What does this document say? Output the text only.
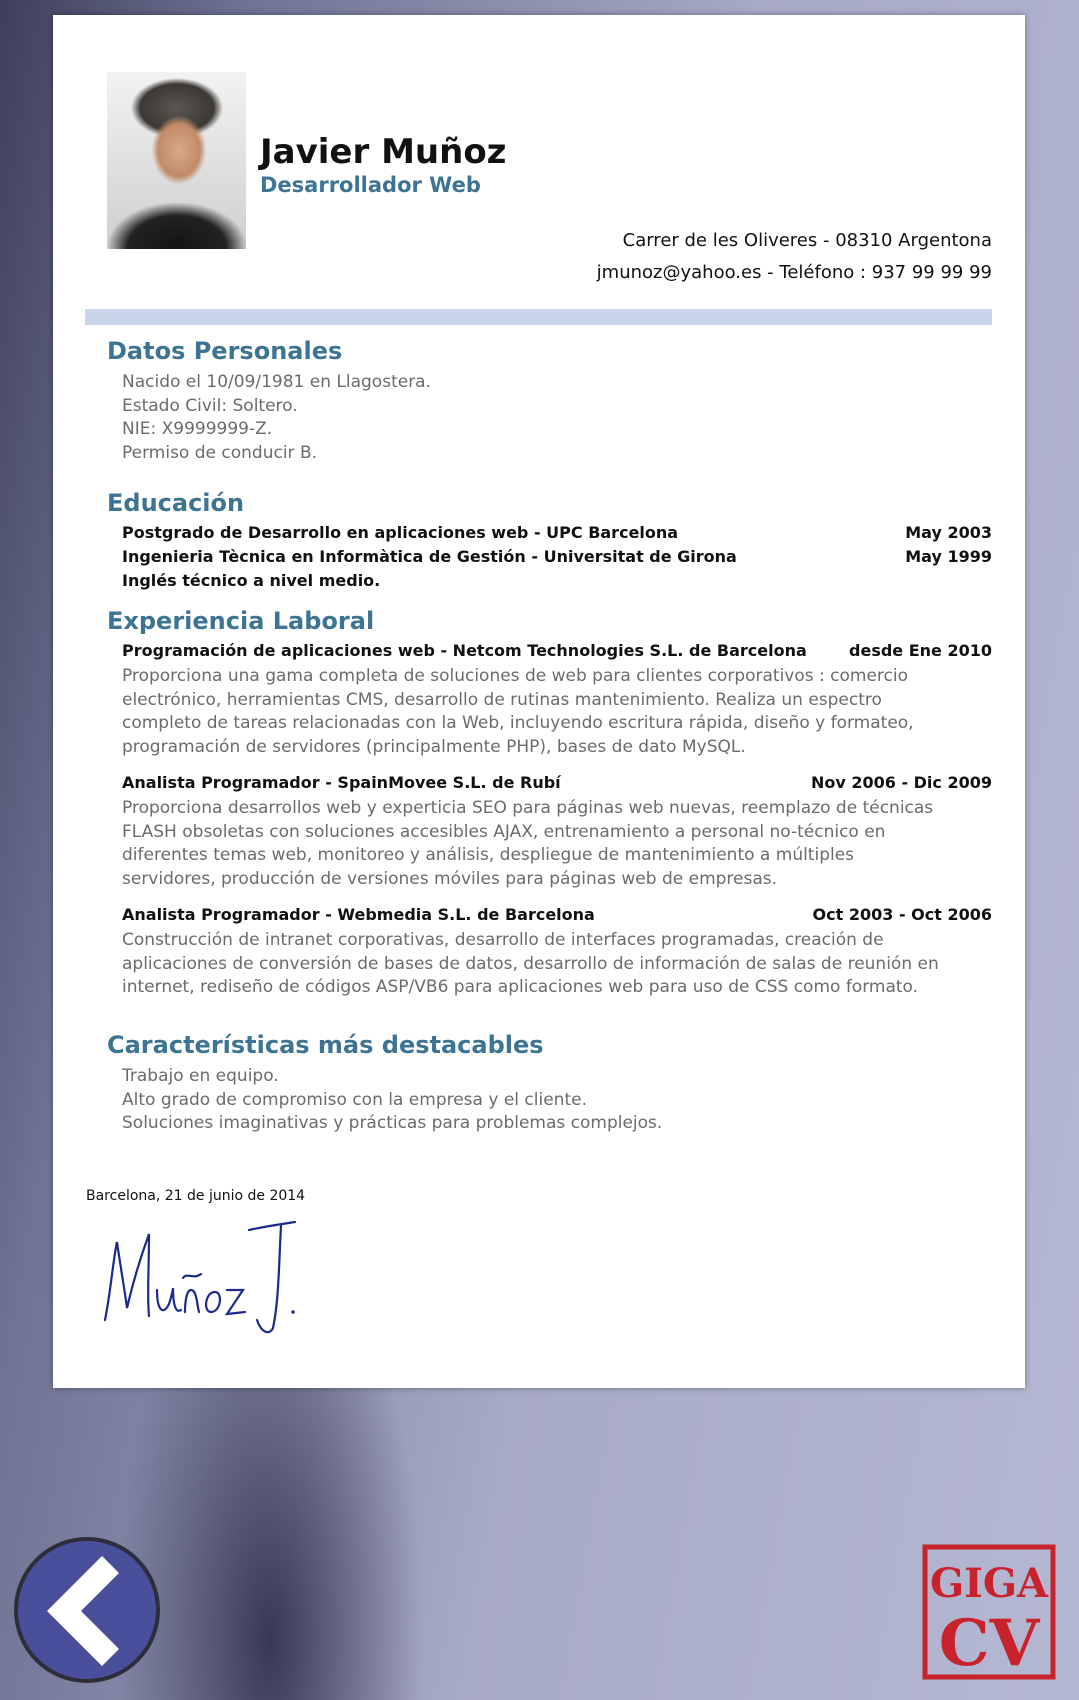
Javier Muñoz
Desarrollador Web
Carrer de les Oliveres - 08310 Argentona
jmunoz@yahoo.es - Teléfono : 937 99 99 99
Datos Personales
Nacido el 10/09/1981 en Llagostera.
Estado Civil: Soltero.
NIE: X9999999-Z.
Permiso de conducir B.
Educación
Postgrado de Desarrollo en aplicaciones web - UPC Barcelona	May 2003
Ingenieria Tècnica en Informàtica de Gestión - Universitat de Girona	May 1999
Inglés técnico a nivel medio.
Experiencia Laboral
Programación de aplicaciones web - Netcom Technologies S.L. de Barcelona	desde Ene 2010
Proporciona una gama completa de soluciones de web para clientes corporativos : comercio
electrónico, herramientas CMS, desarrollo de rutinas mantenimiento. Realiza un espectro
completo de tareas relacionadas con la Web, incluyendo escritura rápida, diseño y formateo,
programación de servidores (principalmente PHP), bases de dato MySQL.
Analista Programador - SpainMovee S.L. de Rubí	Nov 2006 - Dic 2009
Proporciona desarrollos web y experticia SEO para páginas web nuevas, reemplazo de técnicas
FLASH obsoletas con soluciones accesibles AJAX, entrenamiento a personal no-técnico en
diferentes temas web, monitoreo y análisis, despliegue de mantenimiento a múltiples
servidores, producción de versiones móviles para páginas web de empresas.
Analista Programador - Webmedia S.L. de Barcelona	Oct 2003 - Oct 2006
Construcción de intranet corporativas, desarrollo de interfaces programadas, creación de
aplicaciones de conversión de bases de datos, desarrollo de información de salas de reunión en
internet, rediseño de códigos ASP/VB6 para aplicaciones web para uso de CSS como formato.
Características más destacables
Trabajo en equipo.
Alto grado de compromiso con la empresa y el cliente.
Soluciones imaginativas y prácticas para problemas complejos.
Barcelona, 21 de junio de 2014
GIGA
CV
